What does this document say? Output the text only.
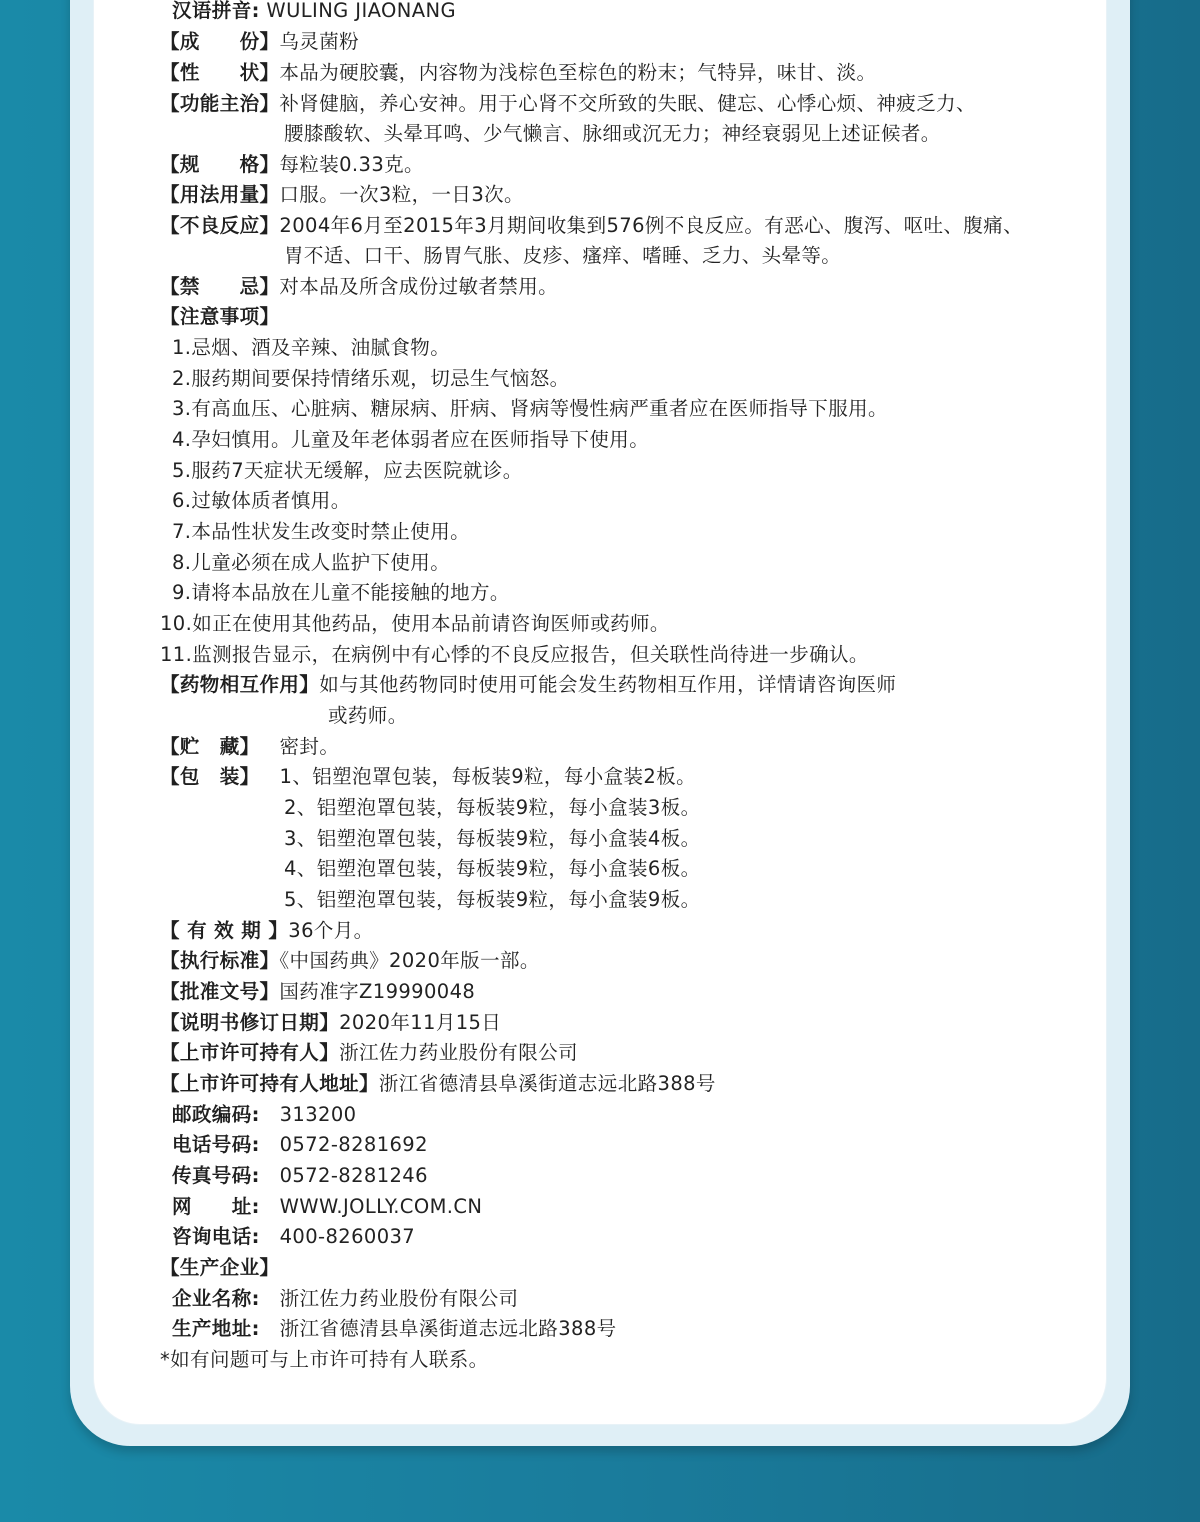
汉语拼音: WULING JIAONANG
【成　　份】乌灵菌粉
【性　　状】本品为硬胶囊，内容物为浅棕色至棕色的粉末；气特异，味甘、淡。
【功能主治】补肾健脑，养心安神。用于心肾不交所致的失眠、健忘、心悸心烦、神疲乏力、
腰膝酸软、头晕耳鸣、少气懒言、脉细或沉无力；神经衰弱见上述证候者。
【规　　格】每粒装0.33克。
【用法用量】口服。一次3粒，一日3次。
【不良反应】2004年6月至2015年3月期间收集到576例不良反应。有恶心、腹泻、呕吐、腹痛、
胃不适、口干、肠胃气胀、皮疹、瘙痒、嗜睡、乏力、头晕等。
【禁　　忌】对本品及所含成份过敏者禁用。
【注意事项】
1.忌烟、酒及辛辣、油腻食物。
2.服药期间要保持情绪乐观，切忌生气恼怒。
3.有高血压、心脏病、糖尿病、肝病、肾病等慢性病严重者应在医师指导下服用。
4.孕妇慎用。儿童及年老体弱者应在医师指导下使用。
5.服药7天症状无缓解，应去医院就诊。
6.过敏体质者慎用。
7.本品性状发生改变时禁止使用。
8.儿童必须在成人监护下使用。
9.请将本品放在儿童不能接触的地方。
10.如正在使用其他药品，使用本品前请咨询医师或药师。
11.监测报告显示，在病例中有心悸的不良反应报告，但关联性尚待进一步确认。
【药物相互作用】如与其他药物同时使用可能会发生药物相互作用，详情请咨询医师
或药师。
【贮　藏】 密封。
【包　装】 1、铝塑泡罩包装，每板装9粒，每小盒装2板。
2、铝塑泡罩包装，每板装9粒，每小盒装3板。
3、铝塑泡罩包装，每板装9粒，每小盒装4板。
4、铝塑泡罩包装，每板装9粒，每小盒装6板。
5、铝塑泡罩包装，每板装9粒，每小盒装9板。
【 有 效 期 】36个月。
【执行标准】《中国药典》2020年版一部。
【批准文号】国药准字Z19990048
【说明书修订日期】2020年11月15日
【上市许可持有人】浙江佐力药业股份有限公司
【上市许可持有人地址】浙江省德清县阜溪街道志远北路388号
邮政编码: 313200
电话号码: 0572-8281692
传真号码: 0572-8281246
网　　址: WWW.JOLLY.COM.CN
咨询电话: 400-8260037
【生产企业】
企业名称: 浙江佐力药业股份有限公司
生产地址: 浙江省德清县阜溪街道志远北路388号
*如有问题可与上市许可持有人联系。
